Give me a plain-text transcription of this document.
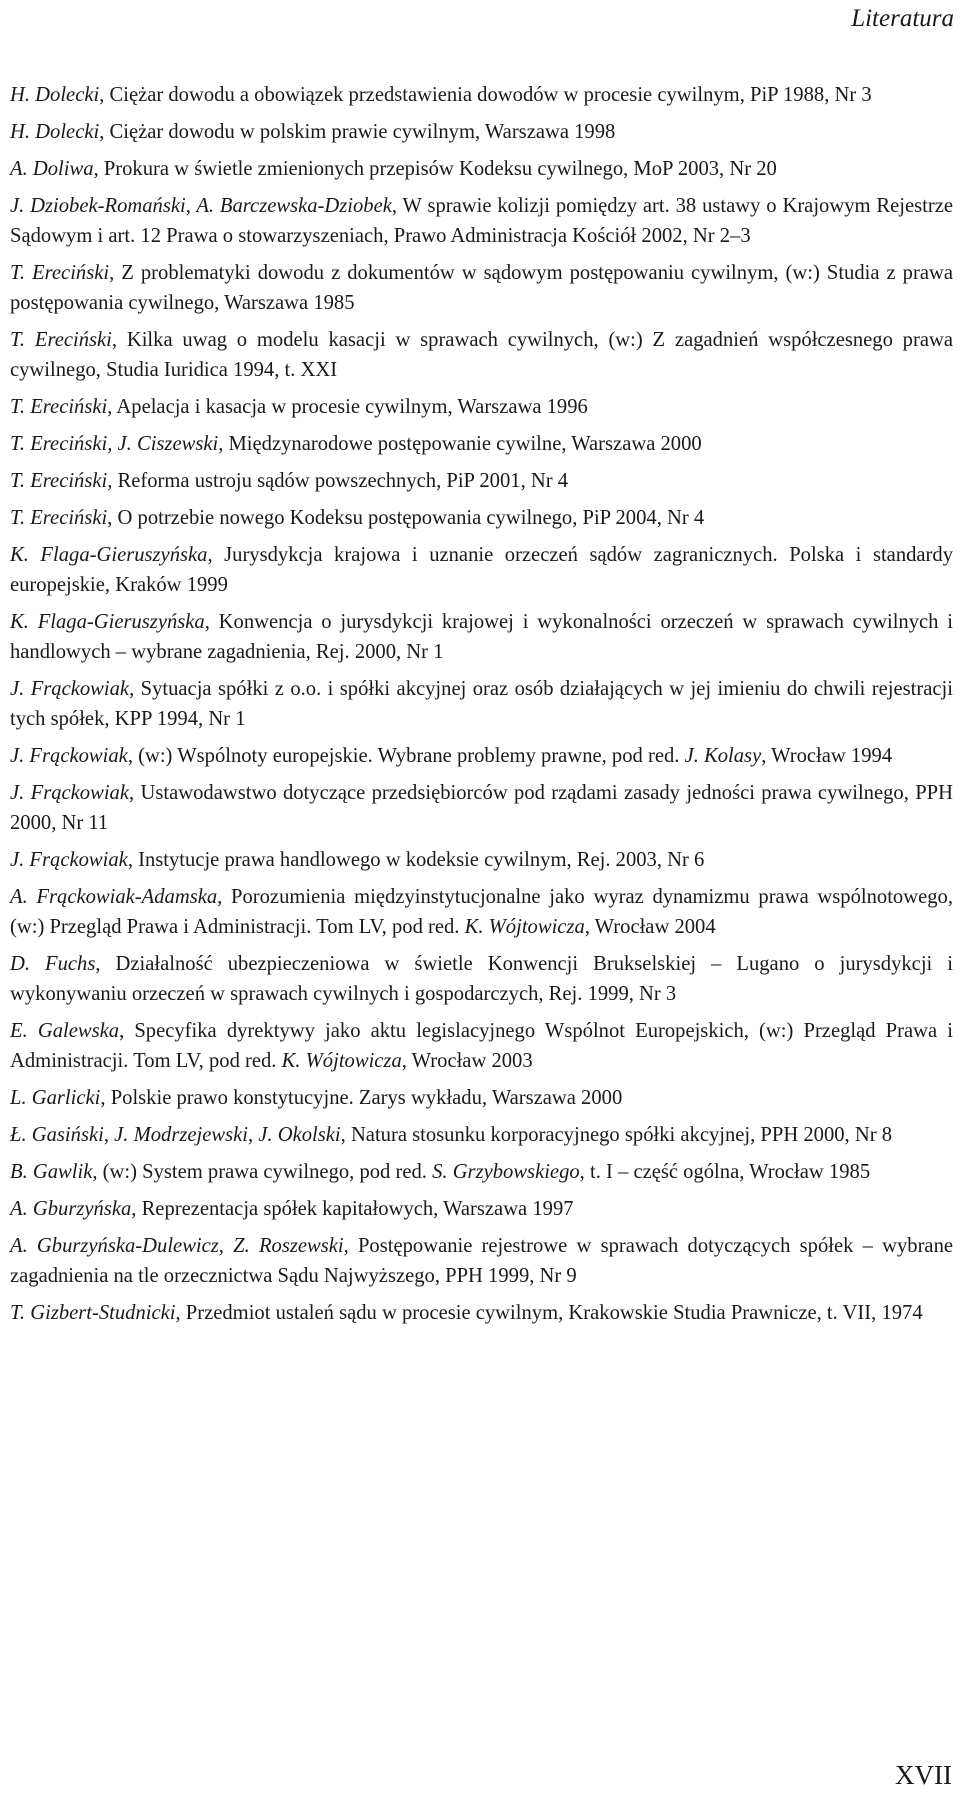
Literatura
H. Dolecki, Ciężar dowodu a obowiązek przedstawienia dowodów w procesie cywilnym, PiP 1988, Nr 3
H. Dolecki, Ciężar dowodu w polskim prawie cywilnym, Warszawa 1998
A. Doliwa, Prokura w świetle zmienionych przepisów Kodeksu cywilnego, MoP 2003, Nr 20
J. Dziobek-Romański, A. Barczewska-Dziobek, W sprawie kolizji pomiędzy art. 38 ustawy o Krajowym Rejestrze Sądowym i art. 12 Prawa o stowarzyszeniach, Prawo Administracja Kościół 2002, Nr 2–3
T. Ereciński, Z problematyki dowodu z dokumentów w sądowym postępowaniu cywilnym, (w:) Studia z prawa postępowania cywilnego, Warszawa 1985
T. Ereciński, Kilka uwag o modelu kasacji w sprawach cywilnych, (w:) Z zagadnień współczesnego prawa cywilnego, Studia Iuridica 1994, t. XXI
T. Ereciński, Apelacja i kasacja w procesie cywilnym, Warszawa 1996
T. Ereciński, J. Ciszewski, Międzynarodowe postępowanie cywilne, Warszawa 2000
T. Ereciński, Reforma ustroju sądów powszechnych, PiP 2001, Nr 4
T. Ereciński, O potrzebie nowego Kodeksu postępowania cywilnego, PiP 2004, Nr 4
K. Flaga-Gieruszyńska, Jurysdykcja krajowa i uznanie orzeczeń sądów zagranicznych. Polska i standardy europejskie, Kraków 1999
K. Flaga-Gieruszyńska, Konwencja o jurysdykcji krajowej i wykonalności orzeczeń w sprawach cywilnych i handlowych – wybrane zagadnienia, Rej. 2000, Nr 1
J. Frąckowiak, Sytuacja spółki z o.o. i spółki akcyjnej oraz osób działających w jej imieniu do chwili rejestracji tych spółek, KPP 1994, Nr 1
J. Frąckowiak, (w:) Wspólnoty europejskie. Wybrane problemy prawne, pod red. J. Kolasy, Wrocław 1994
J. Frąckowiak, Ustawodawstwo dotyczące przedsiębiorców pod rządami zasady jedności prawa cywilnego, PPH 2000, Nr 11
J. Frąckowiak, Instytucje prawa handlowego w kodeksie cywilnym, Rej. 2003, Nr 6
A. Frąckowiak-Adamska, Porozumienia międzyinstytucjonalne jako wyraz dynamizmu prawa wspólnotowego, (w:) Przegląd Prawa i Administracji. Tom LV, pod red. K. Wójtowicza, Wrocław 2004
D. Fuchs, Działalność ubezpieczeniowa w świetle Konwencji Brukselskiej – Lugano o jurysdykcji i wykonywaniu orzeczeń w sprawach cywilnych i gospodarczych, Rej. 1999, Nr 3
E. Galewska, Specyfika dyrektywy jako aktu legislacyjnego Wspólnot Europejskich, (w:) Przegląd Prawa i Administracji. Tom LV, pod red. K. Wójtowicza, Wrocław 2003
L. Garlicki, Polskie prawo konstytucyjne. Zarys wykładu, Warszawa 2000
Ł. Gasiński, J. Modrzejewski, J. Okolski, Natura stosunku korporacyjnego spółki akcyjnej, PPH 2000, Nr 8
B. Gawlik, (w:) System prawa cywilnego, pod red. S. Grzybowskiego, t. I – część ogólna, Wrocław 1985
A. Gburzyńska, Reprezentacja spółek kapitałowych, Warszawa 1997
A. Gburzyńska-Dulewicz, Z. Roszewski, Postępowanie rejestrowe w sprawach dotyczących spółek – wybrane zagadnienia na tle orzecznictwa Sądu Najwyższego, PPH 1999, Nr 9
T. Gizbert-Studnicki, Przedmiot ustaleń sądu w procesie cywilnym, Krakowskie Studia Prawnicze, t. VII, 1974
XVII
